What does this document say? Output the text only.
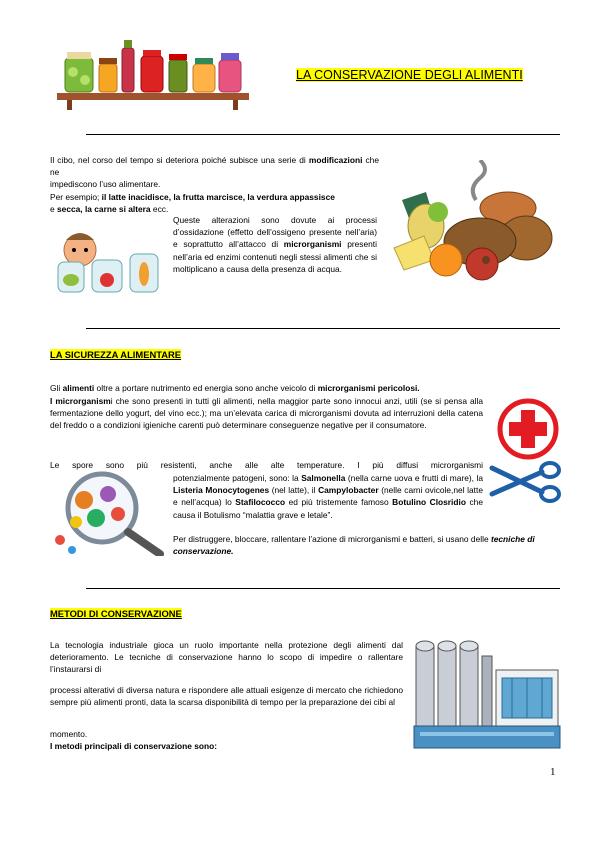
LA CONSERVAZIONE DEGLI ALIMENTI
Il cibo, nel corso del tempo si deteriora poiché subisce una serie di modificazioni che ne
impediscono l’uso alimentare.
Per esempio; il latte inacidisce, la frutta marcisce, la verdura appassisce
e secca, la carne si altera ecc.
Queste alterazioni sono dovute ai processi d’ossidazione (effetto dell’ossigeno presente nell’aria) e soprattutto all’attacco di microrganismi presenti nell’aria ed enzimi contenuti negli stessi alimenti che si moltiplicano a causa della presenza di acqua.
LA SICUREZZA ALIMENTARE
Gli alimenti oltre a portare nutrimento ed energia sono anche veicolo di microrganismi pericolosi.
I microrganismi che sono presenti in tutti gli alimenti, nella maggior parte sono innocui anzi, utili (se si pensa alla fermentazione dello yogurt, del vino ecc.); ma un’elevata carica di microrganismi dovuta ad interruzioni della catena del freddo o a condizioni igieniche carenti può determinare conseguenze negative per il consumatore.
Le spore sono più resistenti, anche alle alte temperature. I più diffusi microrganismi
potenzialmente patogeni, sono: la Salmonella (nella carne uova e frutti di mare), la Listeria Monocytogenes (nel latte), il Campylobacter (nelle carni ovicole,nel latte e nell’acqua) lo Stafilococco ed più tristemente famoso Botulino Closridio che causa il Botulismo “malattia grave e letale”.
Per distruggere, bloccare, rallentare l’azione di microrganismi e batteri, si usano delle tecniche di conservazione.
METODI DI CONSERVAZIONE
La tecnologia industriale gioca un ruolo importante nella protezione degli alimenti dal deterioramento. Le tecniche di conservazione hanno lo scopo di impedire o rallentare l’instaurarsi di
processi alterativi di diversa natura e rispondere alle attuali esigenze di mercato che richiedono sempre più alimenti pronti, data la scarsa disponibilità di tempo per la preparazione dei cibi al
momento.
I metodi principali di conservazione sono:
1
